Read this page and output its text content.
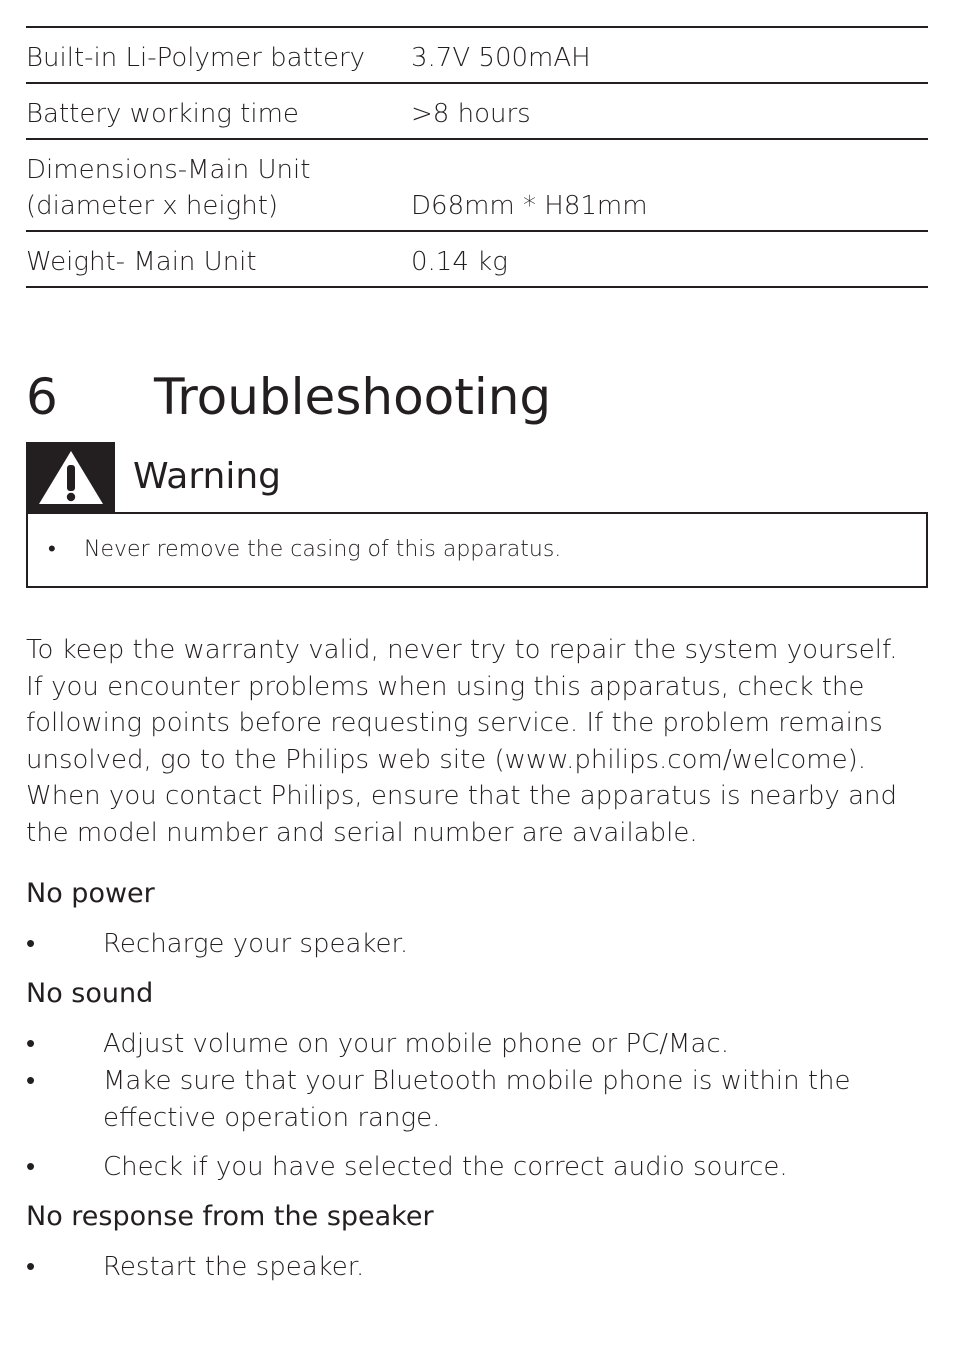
Built-in Li-Polymer battery	3.7V 500mAH
Battery working time	>8 hours
Dimensions-Main Unit
(diameter x height)	D68mm * H81mm
Weight- Main Unit	0.14 kg
6	Troubleshooting
Warning
•	Never remove the casing of this apparatus.

To keep the warranty valid, never try to repair the system yourself.

If you encounter problems when using this apparatus, check the following points before requesting service. If the problem remains unsolved, go to the Philips web site (www.philips.com/welcome). When you contact Philips, ensure that the apparatus is nearby and the model number and serial number are available.

No power
•	Recharge your speaker.
No sound
•	Adjust volume on your mobile phone or PC/Mac.
•	Make sure that your Bluetooth mobile phone is within the effective operation range.
•	Check if you have selected the correct audio source.
No response from the speaker
•	Restart the speaker.
